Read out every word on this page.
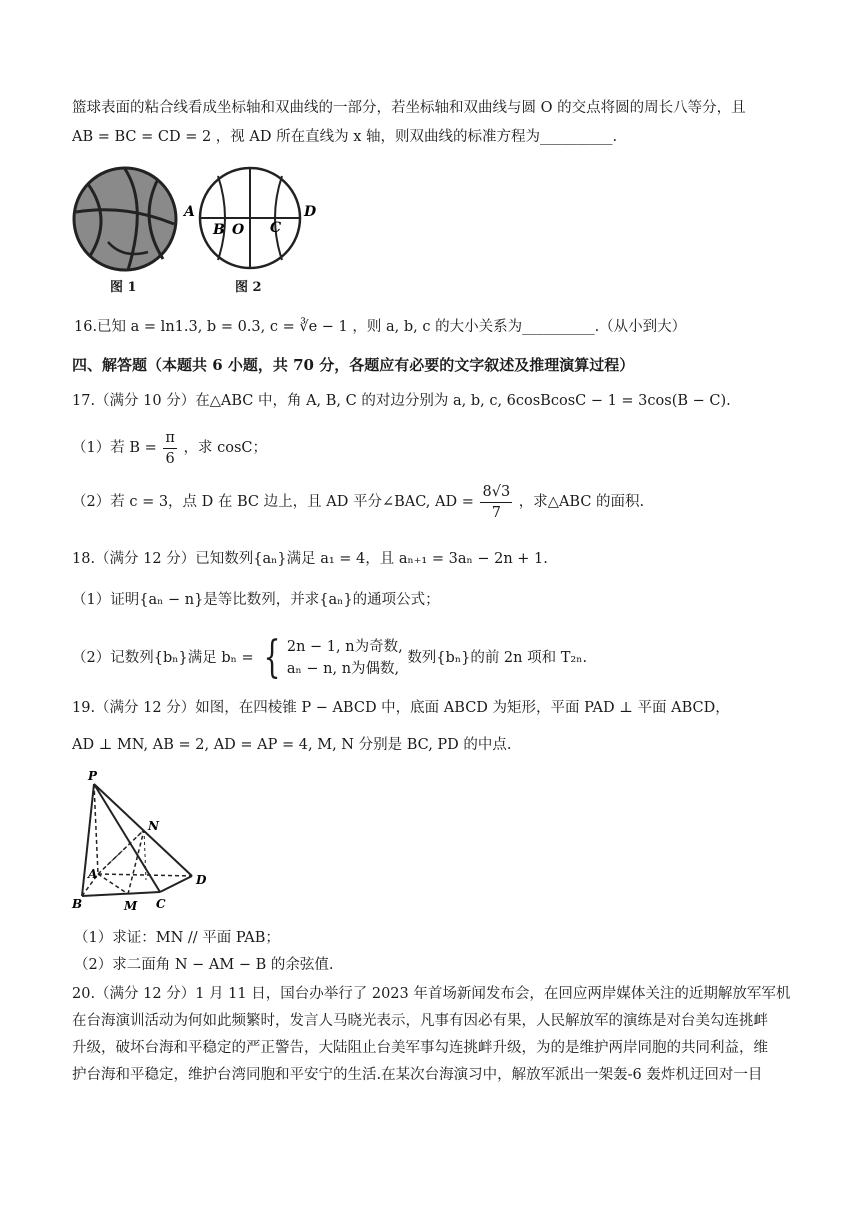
篮球表面的粘合线看成坐标轴和双曲线的一部分，若坐标轴和双曲线与圆 O 的交点将圆的周长八等分，且
AB = BC = CD = 2 ，视 AD 所在直线为 x 轴，则双曲线的标准方程为__________.
图 1
A
B O C
D
图 2
16.已知 a = ln1.3, b = 0.3, c = ∛e − 1 ，则 a, b, c 的大小关系为__________.（从小到大）
四、解答题（本题共 6 小题，共 70 分，各题应有必要的文字叙述及推理演算过程）
17.（满分 10 分）在△ABC 中，角 A, B, C 的对边分别为 a, b, c, 6cosBcosC − 1 = 3cos(B − C).
（1）若 $B = \frac{\pi}{6}$ ，求 cosC；
（2）若 c = 3，点 D 在 BC 边上，且 AD 平分∠BAC, AD = $\frac{8√3}{7}$ ，求△ABC 的面积.
18.（满分 12 分）已知数列{aₙ}满足 a₁ = 4，且 aₙ₊₁ = 3aₙ − 2n + 1.
（1）证明{aₙ − n}是等比数列，并求{aₙ}的通项公式；
（2）记数列{bₙ}满足 bₙ = { 2n − 1, n为奇数,
aₙ − n, n为偶数,
数列{bₙ}的前 2n 项和 T₂ₙ.
19.（满分 12 分）如图，在四棱锥 P − ABCD 中，底面 ABCD 为矩形，平面 PAD ⊥ 平面 ABCD，
AD ⊥ MN, AB = 2, AD = AP = 4, M, N 分别是 BC, PD 的中点.
P
N
A
B	M C
D
（1）求证：MN // 平面 PAB；
（2）求二面角 N − AM − B 的余弦值.
20.（满分 12 分）1 月 11 日，国台办举行了 2023 年首场新闻发布会，在回应两岸媒体关注的近期解放军军机
在台海演训活动为何如此频繁时，发言人马晓光表示，凡事有因必有果，人民解放军的演练是对台美勾连挑衅
升级，破坏台海和平稳定的严正警告，大陆阻止台美军事勾连挑衅升级，为的是维护两岸同胞的共同利益，维
护台海和平稳定，维护台湾同胞和平安宁的生活.在某次台海演习中，解放军派出一架轰-6 轰炸机迂回对一目
